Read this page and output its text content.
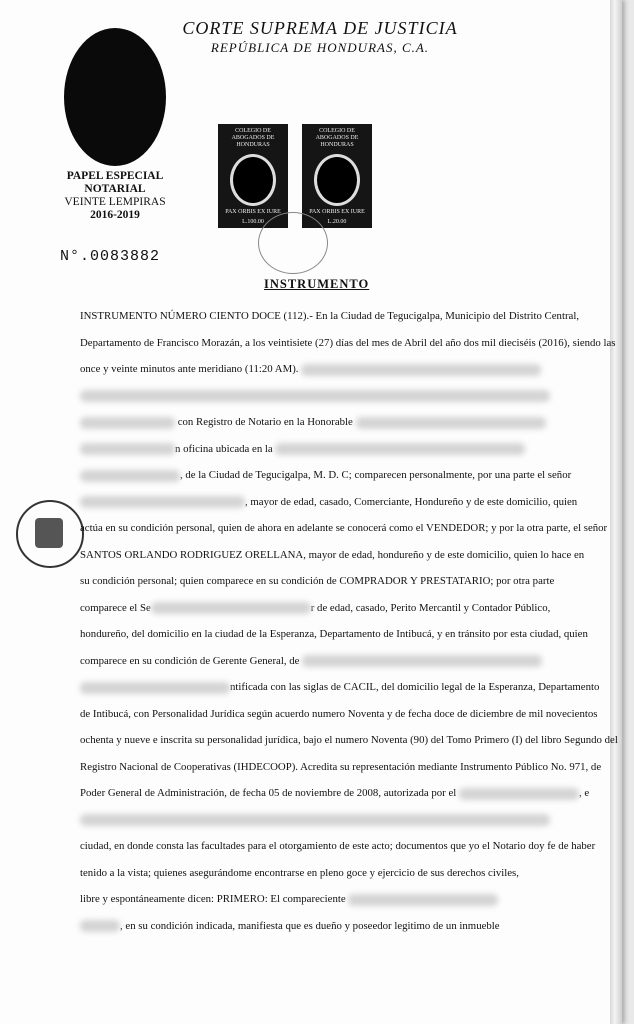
CORTE SUPREMA DE JUSTICIA
REPÚBLICA DE HONDURAS, C.A.
PAPEL ESPECIAL
NOTARIAL
VEINTE LEMPIRAS
2016-2019
COLEGIO DE ABOGADOS DE HONDURAS
PAX ORBIS EX IURE
L.100.00
COLEGIO DE ABOGADOS DE HONDURAS
PAX ORBIS EX IURE
L.20.00
N°.0083882
INSTRUMENTO
INSTRUMENTO NÚMERO CIENTO DOCE (112).- En la Ciudad de Tegucigalpa, Municipio del Distrito Central,
Departamento de Francisco Morazán, a los veintisiete (27) días del mes de Abril del año dos mil dieciséis (2016), siendo las
once y veinte minutos ante meridiano (11:20 AM).
con Registro de Notario en la Honorable
n oficina ubicada en la
, de la Ciudad de Tegucigalpa, M. D. C; comparecen personalmente, por una parte el señor
, mayor de edad, casado, Comerciante, Hondureño y de este domicilio, quien
actúa en su condición personal, quien de ahora en adelante se conocerá como el VENDEDOR; y por la otra parte, el señor
SANTOS ORLANDO RODRIGUEZ ORELLANA, mayor de edad, hondureño y de este domicilio, quien lo hace en
su condición personal; quien comparece en su condición de COMPRADOR Y PRESTATARIO; por otra parte
comparece el Se	r de edad, casado, Perito Mercantil y Contador Público,
hondureño, del domicilio en la ciudad de la Esperanza, Departamento de Intibucá, y en tránsito por esta ciudad, quien
comparece en su condición de Gerente General, de
ntificada con las siglas de CACIL, del domicilio legal de la Esperanza, Departamento
de Intibucá, con Personalidad Jurídica según acuerdo numero Noventa y de fecha doce de diciembre de mil novecientos
ochenta y nueve e inscrita su personalidad jurídica, bajo el numero Noventa (90) del Tomo Primero (I) del libro Segundo del
Registro Nacional de Cooperativas (IHDECOOP). Acredita su representación mediante Instrumento Público No. 971, de
Poder General de Administración, de fecha 05 de noviembre de 2008, autorizada por el	, e
ciudad, en donde consta las facultades para el otorgamiento de este acto; documentos que yo el Notario doy fe de haber
tenido a la vista; quienes asegurándome encontrarse en pleno goce y ejercicio de sus derechos civiles,
libre y espontáneamente dicen: PRIMERO: El compareciente
, en su condición indicada, manifiesta que es dueño y poseedor legitimo de un inmueble
